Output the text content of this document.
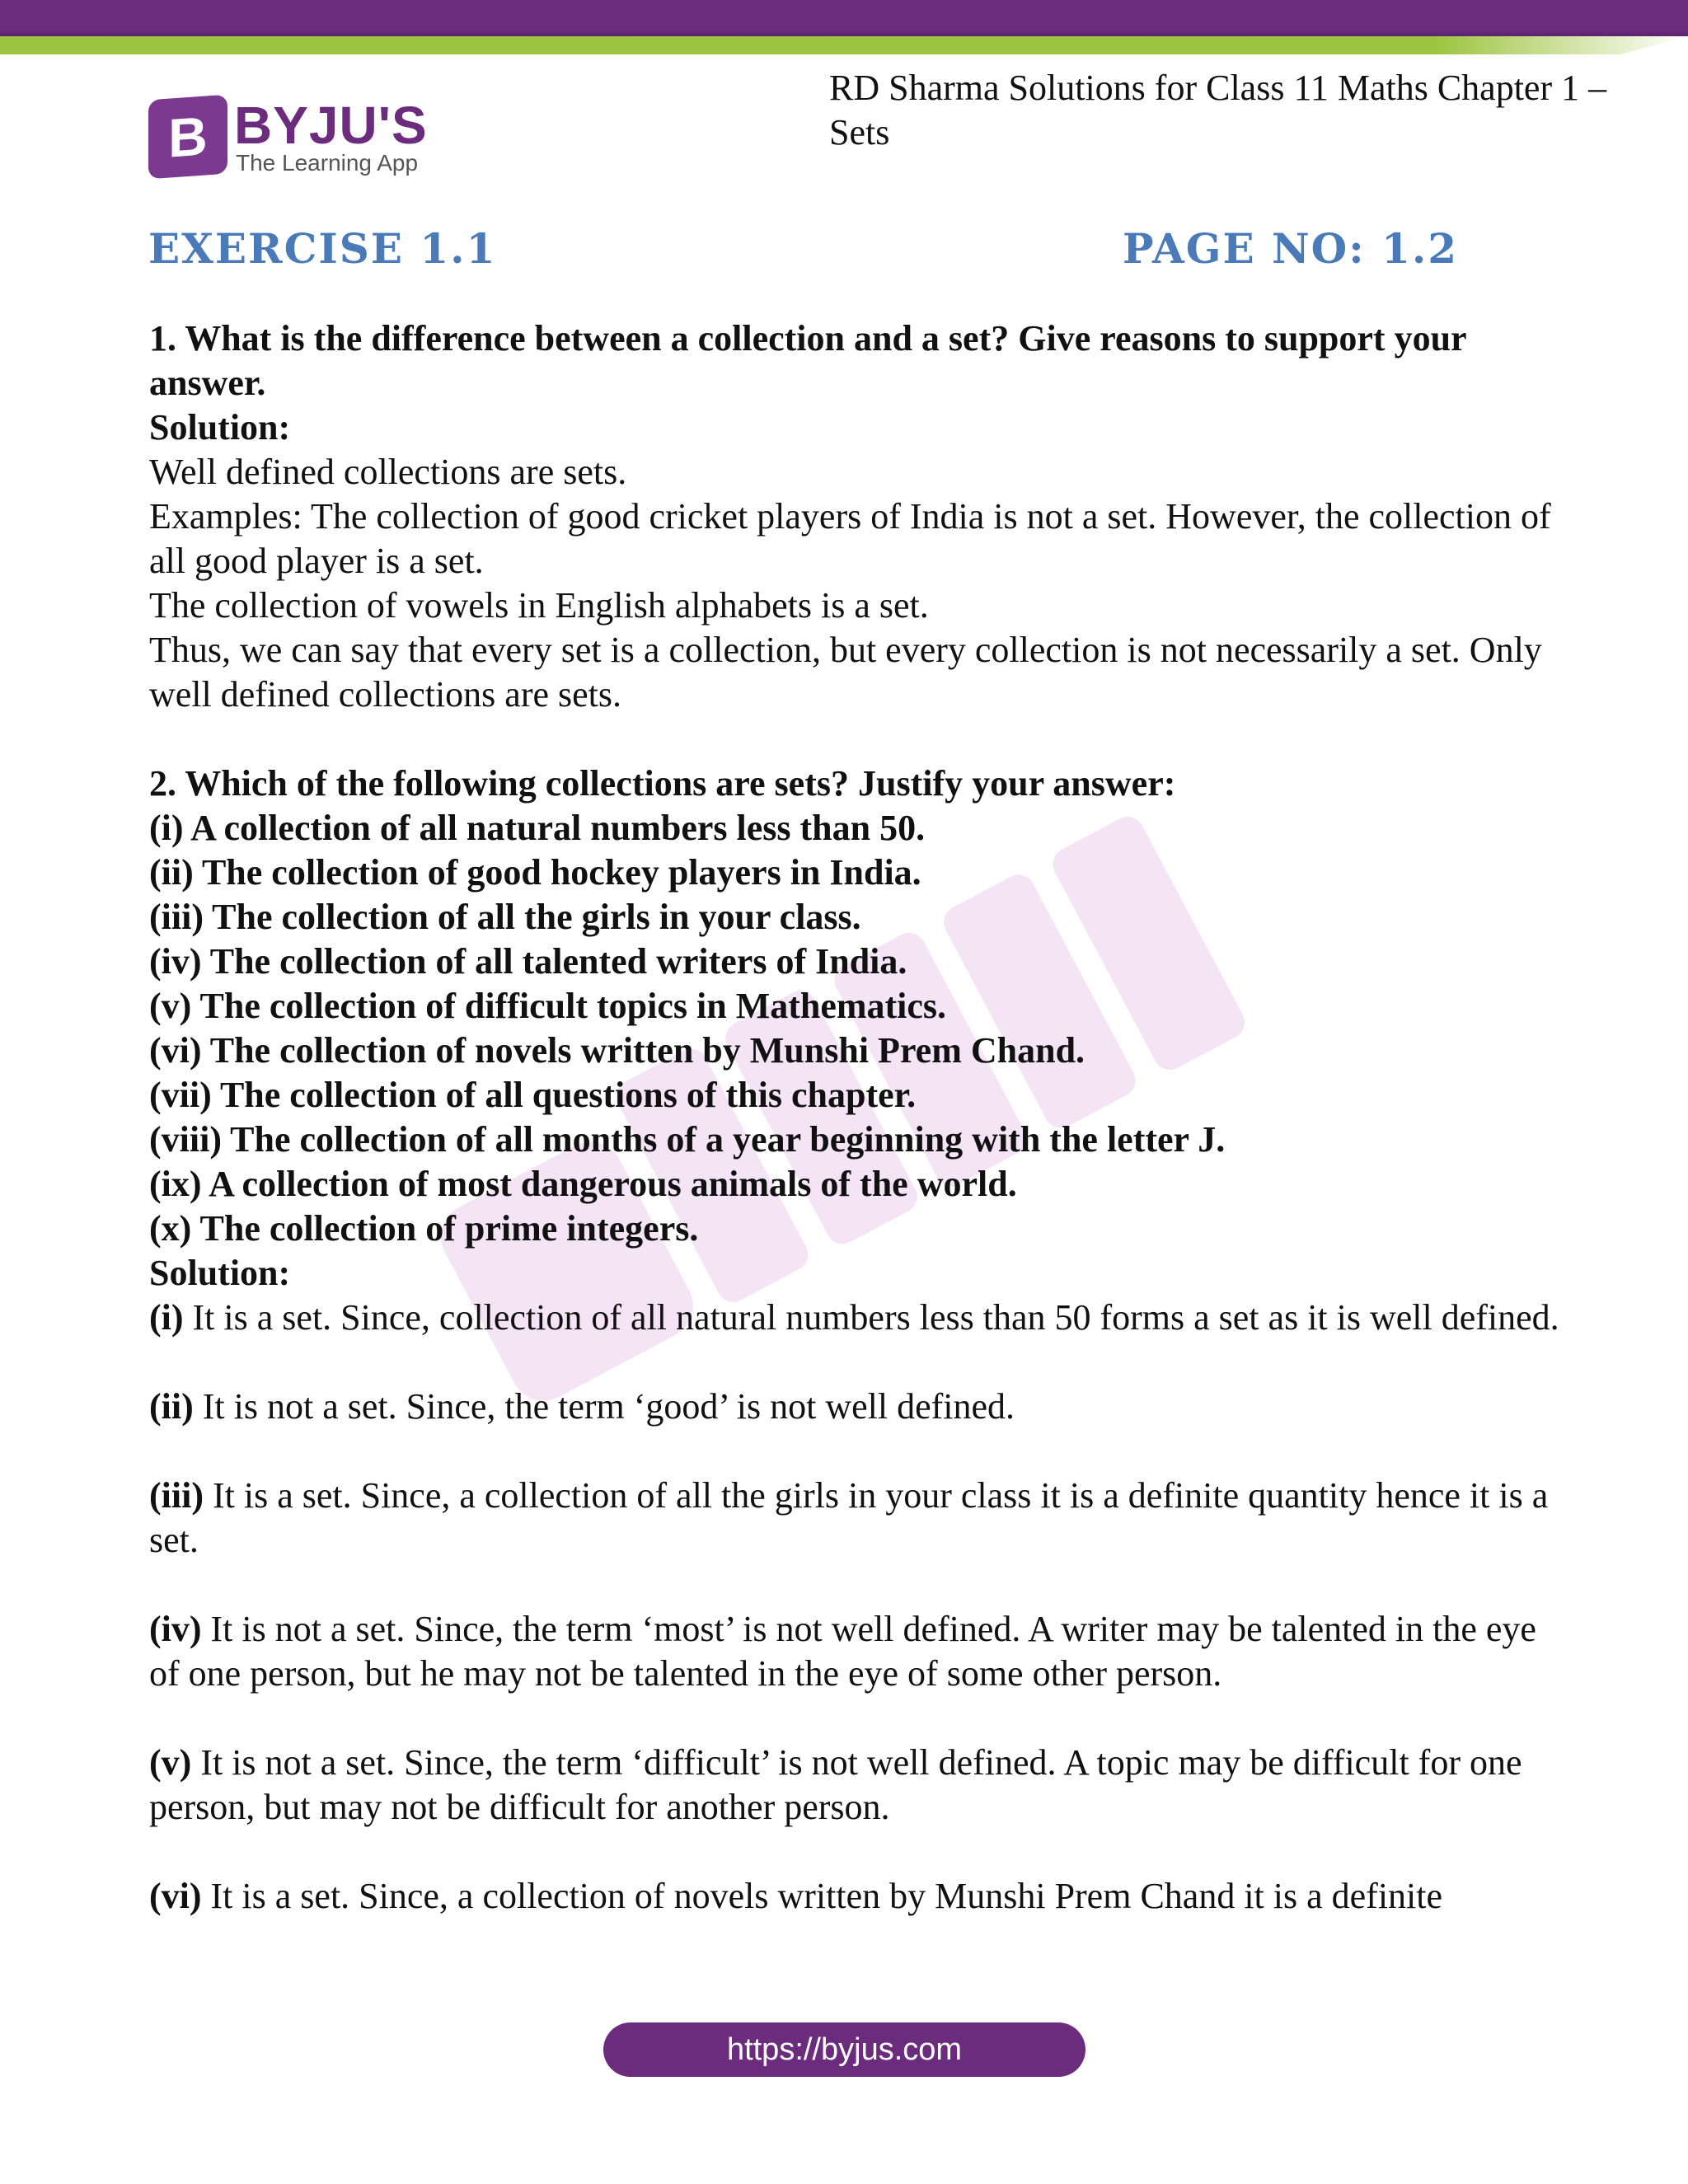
B BYJU'S
The Learning App
RD Sharma Solutions for Class 11 Maths Chapter 1 – Sets
EXERCISE 1.1	PAGE NO: 1.2

1. What is the difference between a collection and a set? Give reasons to support your answer.

Solution:

Well defined collections are sets.

Examples: The collection of good cricket players of India is not a set. However, the collection of all good player is a set.

The collection of vowels in English alphabets is a set.

Thus, we can say that every set is a collection, but every collection is not necessarily a set. Only well defined collections are sets.

2. Which of the following collections are sets? Justify your answer:

(i) A collection of all natural numbers less than 50.

(ii) The collection of good hockey players in India.

(iii) The collection of all the girls in your class.

(iv) The collection of all talented writers of India.

(v) The collection of difficult topics in Mathematics.

(vi) The collection of novels written by Munshi Prem Chand.

(vii) The collection of all questions of this chapter.

(viii) The collection of all months of a year beginning with the letter J.

(ix) A collection of most dangerous animals of the world.

(x) The collection of prime integers.

Solution:

(i) It is a set. Since, collection of all natural numbers less than 50 forms a set as it is well defined.

(ii) It is not a set. Since, the term ‘good’ is not well defined.

(iii) It is a set. Since, a collection of all the girls in your class it is a definite quantity hence it is a set.

(iv) It is not a set. Since, the term ‘most’ is not well defined. A writer may be talented in the eye of one person, but he may not be talented in the eye of some other person.

(v) It is not a set. Since, the term ‘difficult’ is not well defined. A topic may be difficult for one person, but may not be difficult for another person.

(vi) It is a set. Since, a collection of novels written by Munshi Prem Chand it is a definite

https://byjus.com
